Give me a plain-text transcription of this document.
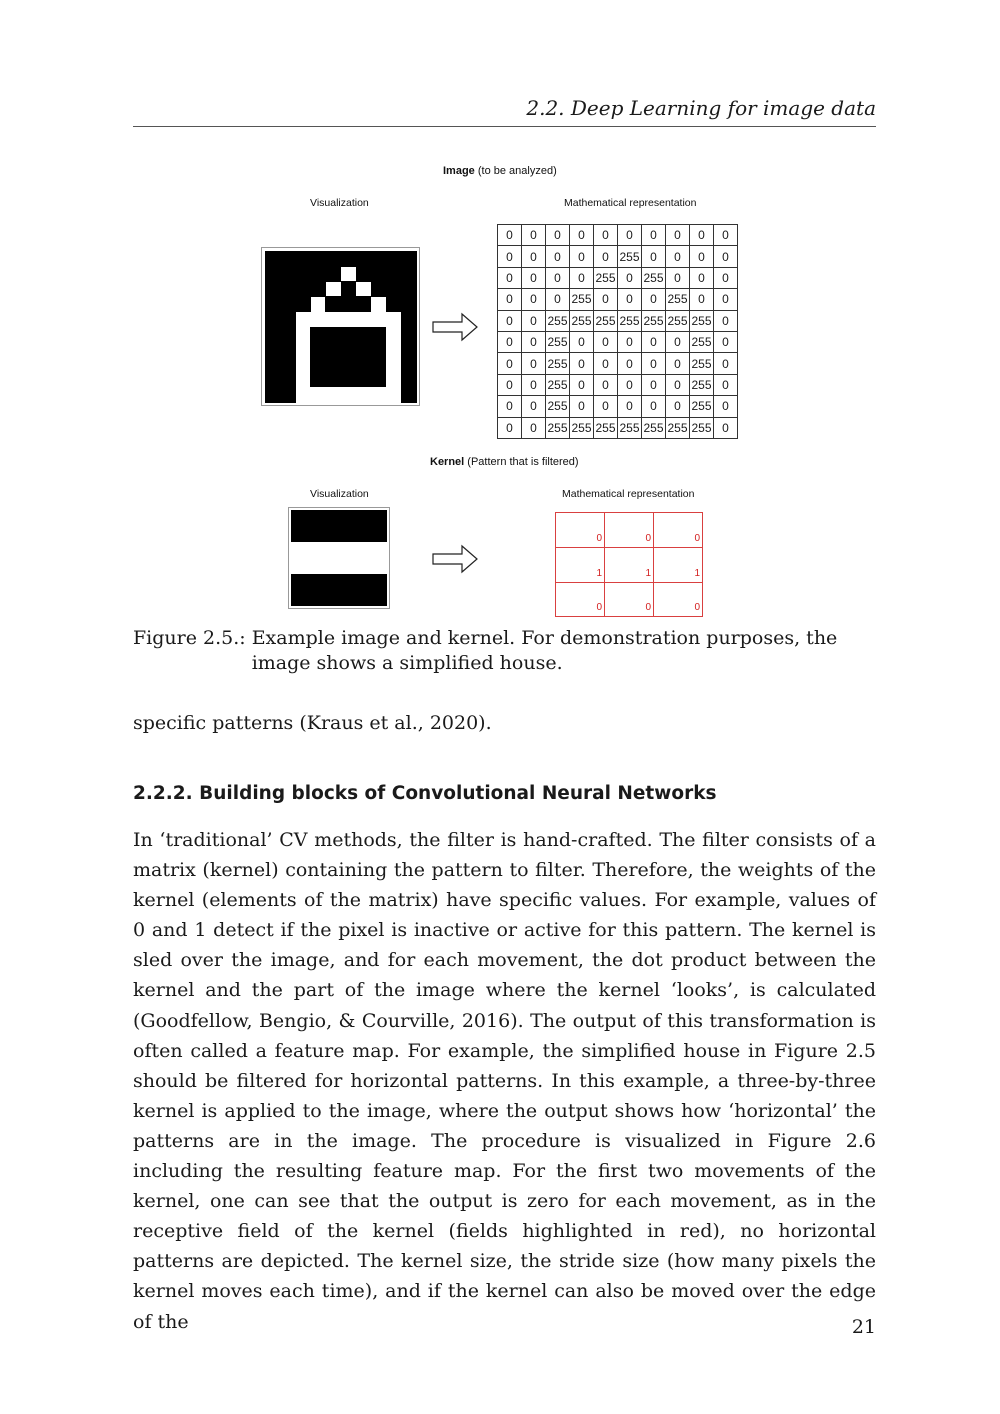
2.2. Deep Learning for image data
Image (to be analyzed)
Visualization	Mathematical representation
0	0	0	0	0	0	0	0	0	0
0	0	0	0	0	255	0	0	0	0
0	0	0	0	255	0	255	0	0	0
0	0	0	255	0	0	0	255	0	0
0	0	255	255	255	255	255	255	255	0
0	0	255	0	0	0	0	0	255	0
0	0	255	0	0	0	0	0	255	0
0	0	255	0	0	0	0	0	255	0
0	0	255	0	0	0	0	0	255	0
0	0	255	255	255	255	255	255	255	0
Kernel (Pattern that is filtered)
Visualization	Mathematical representation
0	0	0
1	1	1
0	0	0
Figure 2.5.: Example image and kernel. For demonstration purposes, the image shows a simplified house.
specific patterns (Kraus et al., 2020).
2.2.2. Building blocks of Convolutional Neural Networks
In ‘traditional’ CV methods, the filter is hand-crafted. The filter consists of a matrix (kernel) containing the pattern to filter. Therefore, the weights of the kernel (elements of the matrix) have specific values. For example, values of 0 and 1 detect if the pixel is inactive or active for this pattern. The kernel is sled over the image, and for each movement, the dot product between the kernel and the part of the image where the kernel ‘looks’, is calculated (Goodfellow, Bengio, & Courville, 2016). The output of this transformation is often called a feature map. For example, the simplified house in Figure 2.5 should be filtered for horizontal patterns. In this example, a three-by-three kernel is applied to the image, where the output shows how ‘horizontal’ the patterns are in the image. The procedure is visualized in Figure 2.6 including the resulting feature map. For the first two movements of the kernel, one can see that the output is zero for each movement, as in the receptive field of the kernel (fields highlighted in red), no horizontal patterns are depicted. The kernel size, the stride size (how many pixels the kernel moves each time), and if the kernel can also be moved over the edge of the	21
